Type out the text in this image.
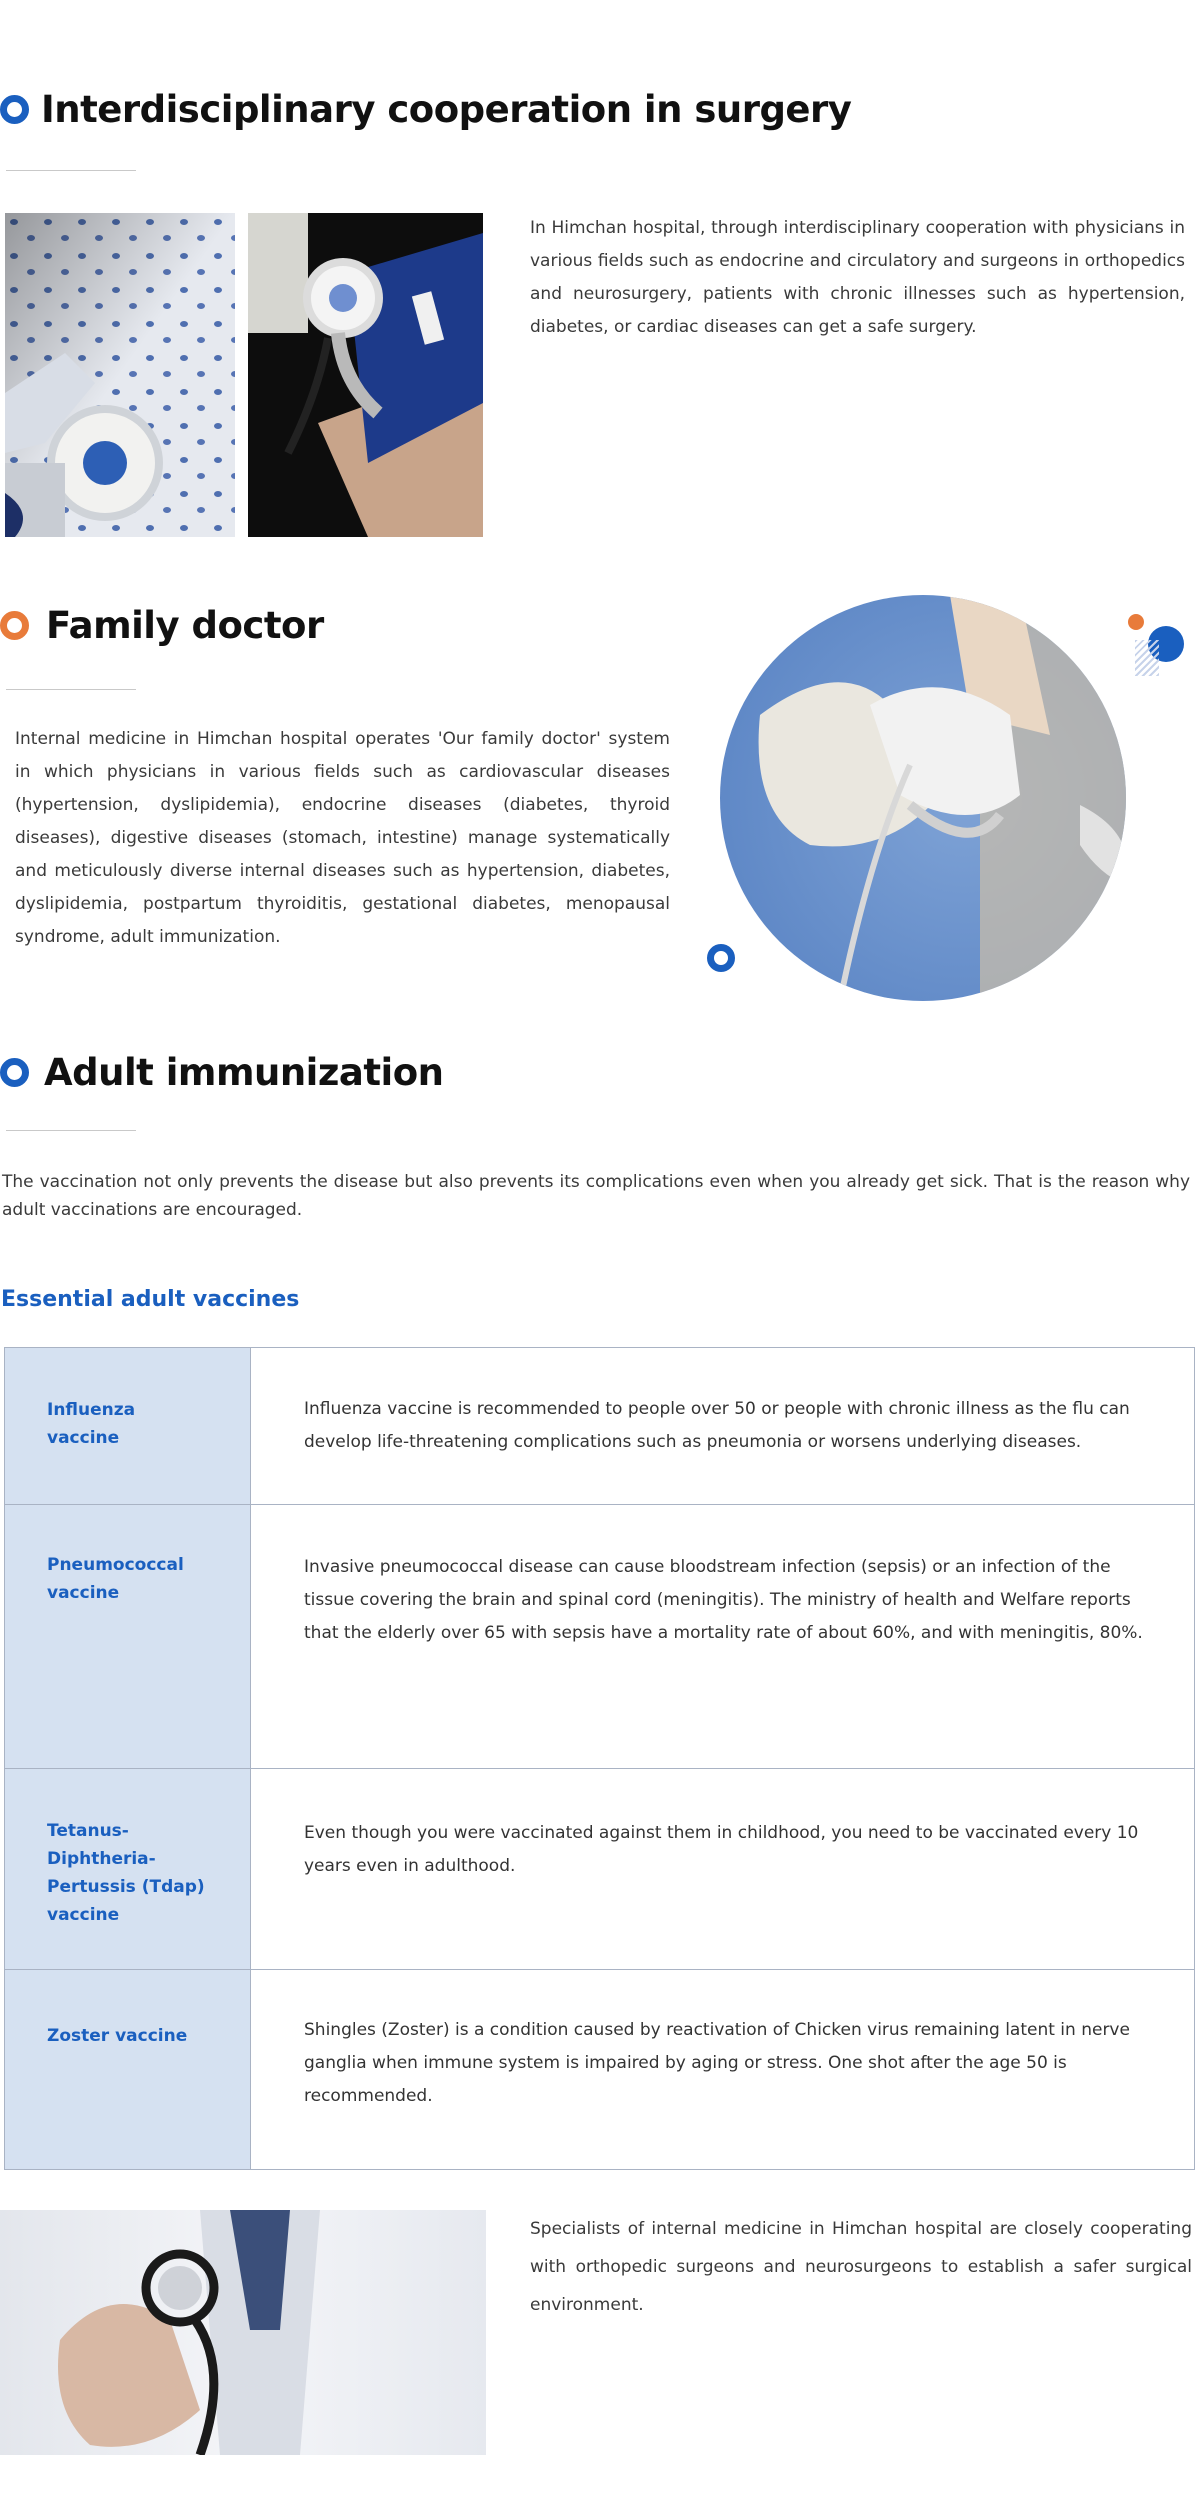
Interdisciplinary cooperation in surgery

In Himchan hospital, through interdisciplinary cooperation with physicians in various fields such as endocrine and circulatory and surgeons in orthopedics and neurosurgery, patients with chronic illnesses such as hypertension, diabetes, or cardiac diseases can get a safe surgery.

Family doctor

Internal medicine in Himchan hospital operates 'Our family doctor' system in which physicians in various fields such as cardiovascular diseases (hypertension, dyslipidemia), endocrine diseases (diabetes, thyroid diseases), digestive diseases (stomach, intestine) manage systematically and meticulously diverse internal diseases such as hypertension, diabetes, dyslipidemia, postpartum thyroiditis, gestational diabetes, menopausal syndrome, adult immunization.

Adult immunization

The vaccination not only prevents the disease but also prevents its complications even when you already get sick. That is the reason why adult vaccinations are encouraged.

Essential adult vaccines
Influenza vaccine	Influenza vaccine is recommended to people over 50 or people with chronic illness as the flu can develop life-threatening complications such as pneumonia or worsens underlying diseases.
Pneumococcal vaccine	Invasive pneumococcal disease can cause bloodstream infection (sepsis) or an infection of the tissue covering the brain and spinal cord (meningitis). The ministry of health and Welfare reports that the elderly over 65 with sepsis have a mortality rate of about 60%, and with meningitis, 80%.
Tetanus-Diphtheria-Pertussis (Tdap) vaccine	Even though you were vaccinated against them in childhood, you need to be vaccinated every 10 years even in adulthood.
Zoster vaccine	Shingles (Zoster) is a condition caused by reactivation of Chicken virus remaining latent in nerve ganglia when immune system is impaired by aging or stress. One shot after the age 50 is recommended.

Specialists of internal medicine in Himchan hospital are closely cooperating with orthopedic surgeons and neurosurgeons to establish a safer surgical environment.
